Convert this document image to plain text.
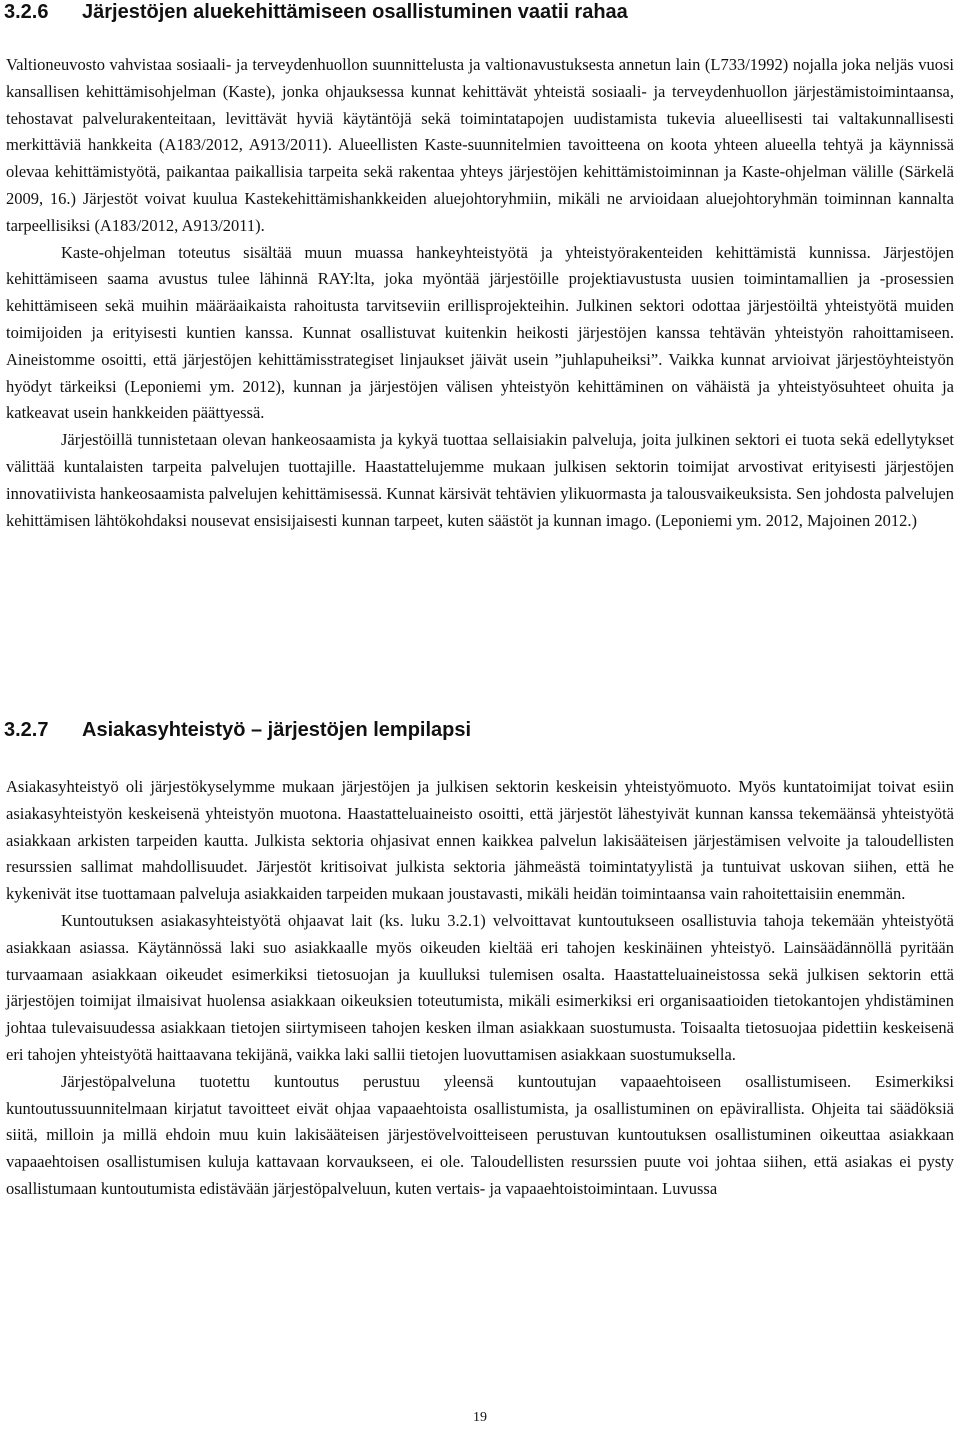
3.2.6 Järjestöjen aluekehittämiseen osallistuminen vaatii rahaa

Valtioneuvosto vahvistaa sosiaali- ja terveydenhuollon suunnittelusta ja valtionavustuksesta annetun lain (L733/1992) nojalla joka neljäs vuosi kansallisen kehittämisohjelman (Kaste), jonka ohjauksessa kunnat kehittävät yhteistä sosiaali- ja terveydenhuollon järjestämistoimintaansa, tehostavat palvelurakenteitaan, levittävät hyviä käytäntöjä sekä toimintatapojen uudistamista tukevia alueellisesti tai valtakunnallisesti merkittäviä hankkeita (A183/2012, A913/2011). Alueellisten Kaste-suunnitelmien tavoitteena on koota yhteen alueella tehtyä ja käynnissä olevaa kehittämistyötä, paikantaa paikallisia tarpeita sekä rakentaa yhteys järjestöjen kehittämistoiminnan ja Kaste-ohjelman välille (Särkelä 2009, 16.) Järjestöt voivat kuulua Kastekehittämishankkeiden aluejohtoryhmiin, mikäli ne arvioidaan aluejohtoryhmän toiminnan kannalta tarpeellisiksi (A183/2012, A913/2011).

Kaste-ohjelman toteutus sisältää muun muassa hankeyhteistyötä ja yhteistyörakenteiden kehittämistä kunnissa. Järjestöjen kehittämiseen saama avustus tulee lähinnä RAY:lta, joka myöntää järjestöille projektiavustusta uusien toimintamallien ja -prosessien kehittämiseen sekä muihin määräaikaista rahoitusta tarvitseviin erillisprojekteihin. Julkinen sektori odottaa järjestöiltä yhteistyötä muiden toimijoiden ja erityisesti kuntien kanssa. Kunnat osallistuvat kuitenkin heikosti järjestöjen kanssa tehtävän yhteistyön rahoittamiseen. Aineistomme osoitti, että järjestöjen kehittämisstrategiset linjaukset jäivät usein ”juhlapuheiksi”. Vaikka kunnat arvioivat järjestöyhteistyön hyödyt tärkeiksi (Leponiemi ym. 2012), kunnan ja järjestöjen välisen yhteistyön kehittäminen on vähäistä ja yhteistyösuhteet ohuita ja katkeavat usein hankkeiden päättyessä.

Järjestöillä tunnistetaan olevan hankeosaamista ja kykyä tuottaa sellaisiakin palveluja, joita julkinen sektori ei tuota sekä edellytykset välittää kuntalaisten tarpeita palvelujen tuottajille. Haastattelujemme mukaan julkisen sektorin toimijat arvostivat erityisesti järjestöjen innovatiivista hankeosaamista palvelujen kehittämisessä. Kunnat kärsivät tehtävien ylikuormasta ja talousvaikeuksista. Sen johdosta palvelujen kehittämisen lähtökohdaksi nousevat ensisijaisesti kunnan tarpeet, kuten säästöt ja kunnan imago. (Leponiemi ym. 2012, Majoinen 2012.)

3.2.7 Asiakasyhteistyö – järjestöjen lempilapsi

Asiakasyhteistyö oli järjestökyselymme mukaan järjestöjen ja julkisen sektorin keskeisin yhteistyömuoto. Myös kuntatoimijat toivat esiin asiakasyhteistyön keskeisenä yhteistyön muotona. Haastatteluaineisto osoitti, että järjestöt lähestyivät kunnan kanssa tekemäänsä yhteistyötä asiakkaan arkisten tarpeiden kautta. Julkista sektoria ohjasivat ennen kaikkea palvelun lakisääteisen järjestämisen velvoite ja taloudellisten resurssien sallimat mahdollisuudet. Järjestöt kritisoivat julkista sektoria jähmeästä toimintatyylistä ja tuntuivat uskovan siihen, että he kykenivät itse tuottamaan palveluja asiakkaiden tarpeiden mukaan joustavasti, mikäli heidän toimintaansa vain rahoitettaisiin enemmän.

Kuntoutuksen asiakasyhteistyötä ohjaavat lait (ks. luku 3.2.1) velvoittavat kuntoutukseen osallistuvia tahoja tekemään yhteistyötä asiakkaan asiassa. Käytännössä laki suo asiakkaalle myös oikeuden kieltää eri tahojen keskinäinen yhteistyö. Lainsäädännöllä pyritään turvaamaan asiakkaan oikeudet esimerkiksi tietosuojan ja kuulluksi tulemisen osalta. Haastatteluaineistossa sekä julkisen sektorin että järjestöjen toimijat ilmaisivat huolensa asiakkaan oikeuksien toteutumista, mikäli esimerkiksi eri organisaatioiden tietokantojen yhdistäminen johtaa tulevaisuudessa asiakkaan tietojen siirtymiseen tahojen kesken ilman asiakkaan suostumusta. Toisaalta tietosuojaa pidettiin keskeisenä eri tahojen yhteistyötä haittaavana tekijänä, vaikka laki sallii tietojen luovuttamisen asiakkaan suostumuksella.

Järjestöpalveluna tuotettu kuntoutus perustuu yleensä kuntoutujan vapaaehtoiseen osallistumiseen. Esimerkiksi kuntoutussuunnitelmaan kirjatut tavoitteet eivät ohjaa vapaaehtoista osallistumista, ja osallistuminen on epävirallista. Ohjeita tai säädöksiä siitä, milloin ja millä ehdoin muu kuin lakisääteisen järjestövelvoitteiseen perustuvan kuntoutuksen osallistuminen oikeuttaa asiakkaan vapaaehtoisen osallistumisen kuluja kattavaan korvaukseen, ei ole. Taloudellisten resurssien puute voi johtaa siihen, että asiakas ei pysty osallistumaan kuntoutumista edistävään järjestöpalveluun, kuten vertais- ja vapaaehtoistoimintaan. Luvussa

19
